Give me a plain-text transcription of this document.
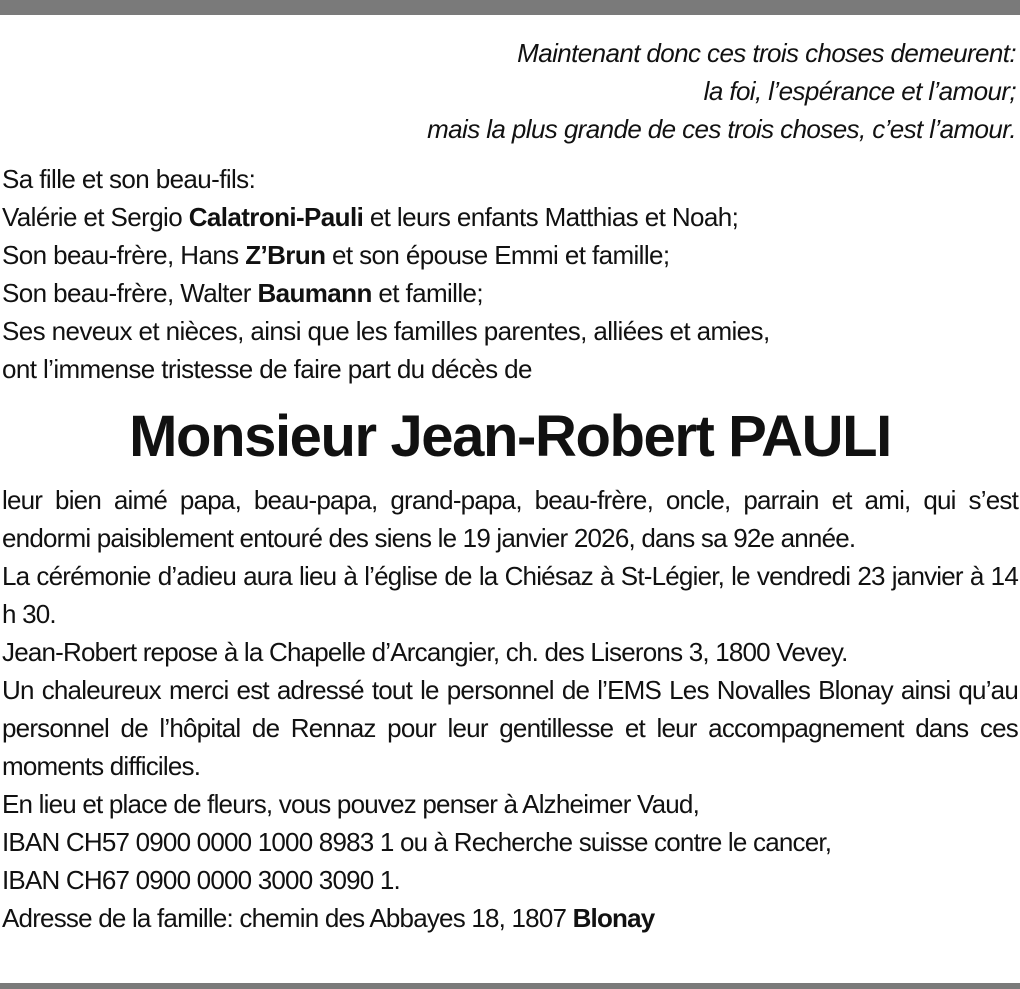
Maintenant donc ces trois choses demeurent:
la foi, l’espérance et l’amour;
mais la plus grande de ces trois choses, c’est l’amour.
Sa fille et son beau-fils:
Valérie et Sergio Calatroni-Pauli et leurs enfants Matthias et Noah;
Son beau-frère, Hans Z’Brun et son épouse Emmi et famille;
Son beau-frère, Walter Baumann et famille;
Ses neveux et nièces, ainsi que les familles parentes, alliées et amies,
ont l’immense tristesse de faire part du décès de
Monsieur Jean-Robert PAULI

leur bien aimé papa, beau-papa, grand-papa, beau-frère, oncle, parrain et ami, qui s’est endormi paisiblement entouré des siens le 19 janvier 2026, dans sa 92e année.

La cérémonie d’adieu aura lieu à l’église de la Chiésaz à St-Légier, le vendredi 23 janvier à 14 h 30.

Jean-Robert repose à la Chapelle d’Arcangier, ch. des Liserons 3, 1800 Vevey.

Un chaleureux merci est adressé tout le personnel de l’EMS Les Novalles Blonay ainsi qu’au personnel de l’hôpital de Rennaz pour leur gentillesse et leur accompagnement dans ces moments difficiles.

En lieu et place de fleurs, vous pouvez penser à Alzheimer Vaud,

IBAN CH57 0900 0000 1000 8983 1 ou à Recherche suisse contre le cancer,

IBAN CH67 0900 0000 3000 3090 1.

Adresse de la famille: chemin des Abbayes 18, 1807 Blonay
